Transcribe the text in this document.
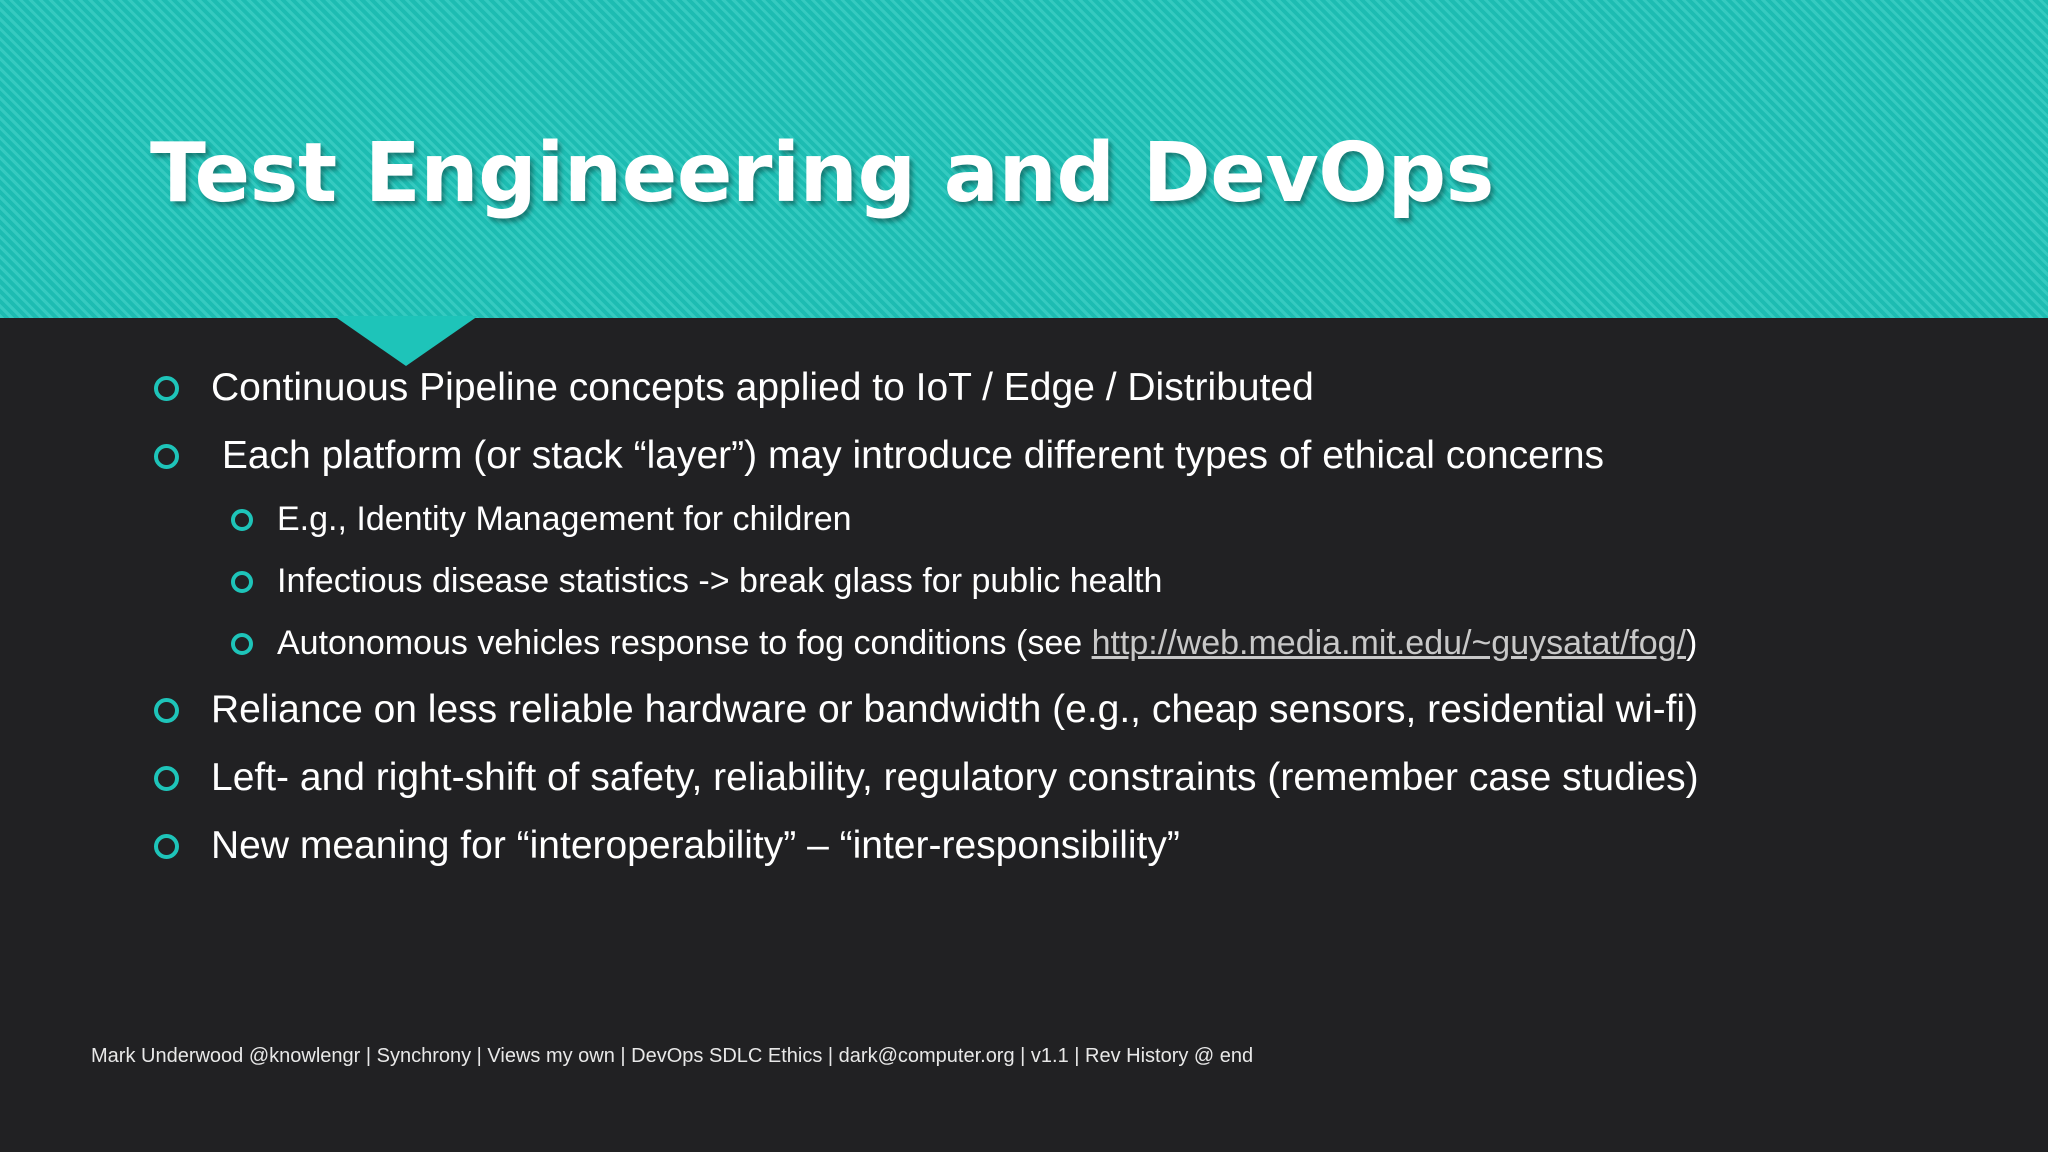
Test Engineering and DevOps
Continuous Pipeline concepts applied to IoT / Edge / Distributed
Each platform (or stack “layer”) may introduce different types of ethical concerns
E.g., Identity Management for children
Infectious disease statistics -> break glass for public health
Autonomous vehicles response to fog conditions (see http://web.media.mit.edu/~guysatat/fog/)
Reliance on less reliable hardware or bandwidth (e.g., cheap sensors, residential wi-fi)
Left- and right-shift of safety, reliability, regulatory constraints (remember case studies)
New meaning for “interoperability” – “inter-responsibility”
Mark Underwood @knowlengr | Synchrony | Views my own | DevOps SDLC Ethics | dark@computer.org | v1.1 | Rev History @ end
